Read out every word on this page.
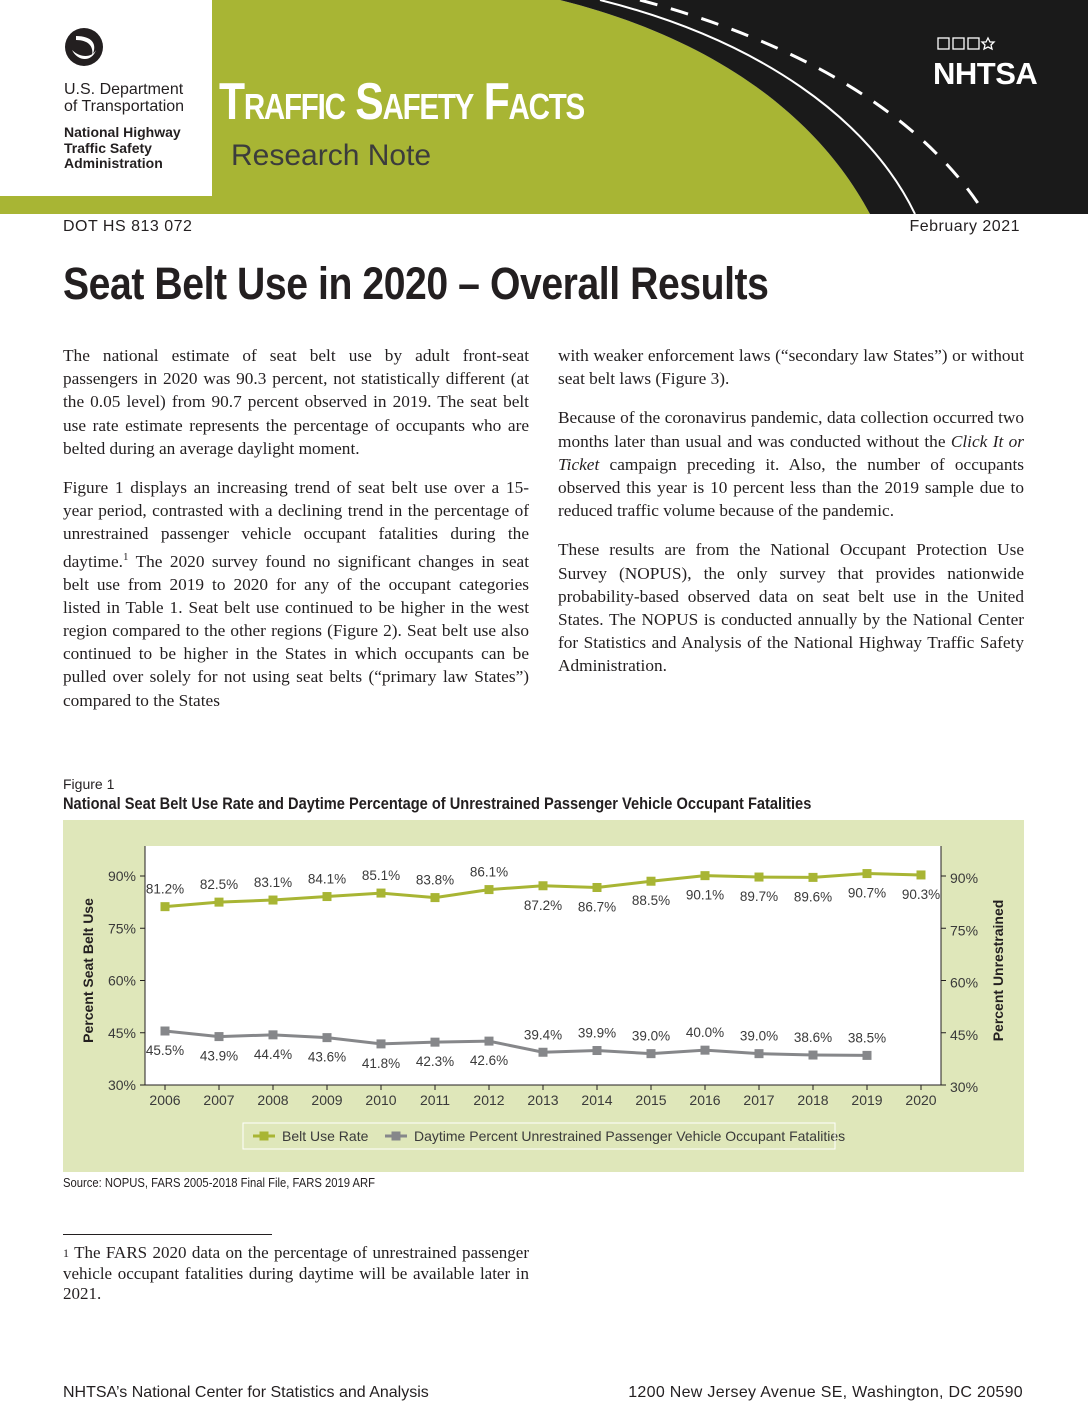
U.S. Department
of Transportation
National Highway
Traffic Safety
Administration
Traffic Safety Facts
Research Note
NHTSA
DOT HS 813 072	February 2021
Seat Belt Use in 2020 – Overall Results

The national estimate of seat belt use by adult front-seat passengers in 2020 was 90.3 percent, not statistically different (at the 0.05 level) from 90.7 percent observed in 2019. The seat belt use rate estimate represents the percentage of occupants who are belted during an average daylight moment.

Figure 1 displays an increasing trend of seat belt use over a 15-year period, contrasted with a declining trend in the percentage of unrestrained passenger vehicle occupant fatalities during the daytime.$^1$ The 2020 survey found no significant changes in seat belt use from 2019 to 2020 for any of the occupant categories listed in Table 1. Seat belt use continued to be higher in the west region compared to the other regions (Figure 2). Seat belt use also continued to be higher in the States in which occupants can be pulled over solely for not using seat belts (“primary law States”) compared to the States

with weaker enforcement laws (“secondary law States”) or without seat belt laws (Figure 3).

Because of the coronavirus pandemic, data collection occurred two months later than usual and was conducted without the Click It or Ticket campaign preceding it. Also, the number of occupants observed this year is 10 percent less than the 2019 sample due to reduced traffic volume because of the pandemic.

These results are from the National Occupant Protection Use Survey (NOPUS), the only survey that provides nationwide probability-based observed data on seat belt use in the United States. The NOPUS is conducted annually by the National Center for Statistics and Analysis of the National Highway Traffic Safety Administration.

Figure 1
National Seat Belt Use Rate and Daytime Percentage of Unrestrained Passenger Vehicle Occupant Fatalities
30%	30%
45%	45%
60%	60%
75%	75%
90%	90%
2006 2007 2008 2009 2010 2011 2012 2013 2014 2015 2016 2017 2018 2019 2020
Percent Seat Belt Use	Percent Unrestrained
81.2% 82.5% 83.1% 84.1% 85.1% 83.8%
86.1%
87.2% 86.7% 88.5% 90.1% 89.7% 89.6% 90.7% 90.3%
45.5% 43.9% 44.4% 43.6% 41.8% 42.3% 42.6%
39.4% 39.9% 39.0% 40.0% 39.0% 38.6% 38.5%
Belt Use Rate	Daytime Percent Unrestrained Passenger Vehicle Occupant Fatalities
Source: NOPUS, FARS 2005-2018 Final File, FARS 2019 ARF
$^1$ The FARS 2020 data on the percentage of unrestrained passenger vehicle occupant fatalities during daytime will be available later in 2021.
NHTSA’s National Center for Statistics and Analysis	1200 New Jersey Avenue SE, Washington, DC 20590
